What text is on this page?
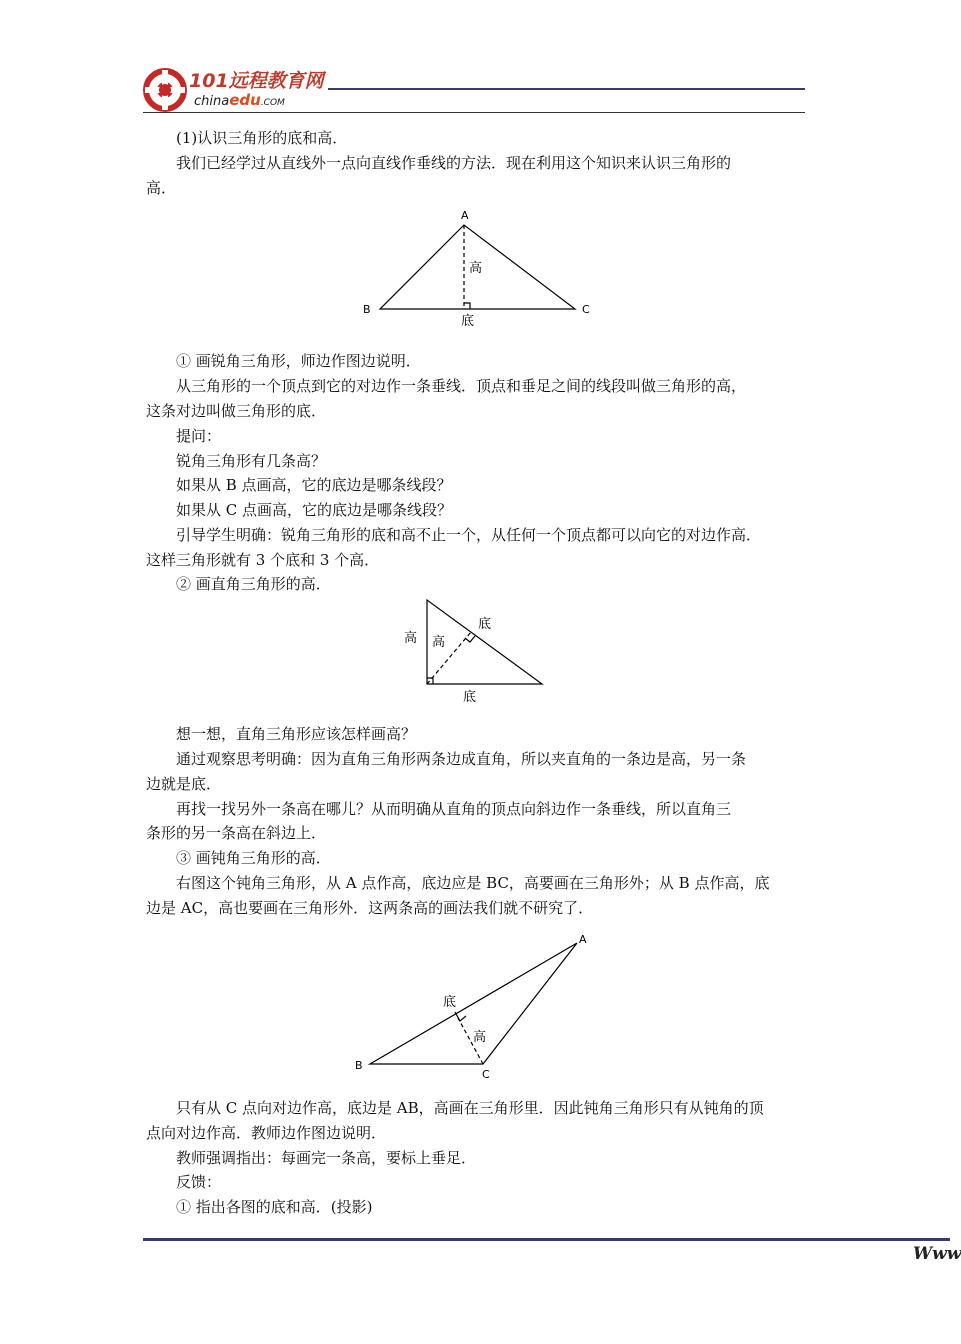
101远程教育网
chinaedu.COM
(1)认识三角形的底和高．
我们已经学过从直线外一点向直线作垂线的方法．现在利用这个知识来认识三角形的
高．
A
B	C
高
底
① 画锐角三角形，师边作图边说明．
从三角形的一个顶点到它的对边作一条垂线．顶点和垂足之间的线段叫做三角形的高，
这条对边叫做三角形的底．
提问：
锐角三角形有几条高？
如果从 B 点画高，它的底边是哪条线段？
如果从 C 点画高，它的底边是哪条线段？
引导学生明确：锐角三角形的底和高不止一个，从任何一个顶点都可以向它的对边作高．
这样三角形就有 3 个底和 3 个高．
② 画直角三角形的高．
高 高
底
底
想一想，直角三角形应该怎样画高？
通过观察思考明确：因为直角三角形两条边成直角，所以夹直角的一条边是高，另一条
边就是底．
再找一找另外一条高在哪儿？从而明确从直角的顶点向斜边作一条垂线，所以直角三
条形的另一条高在斜边上．
③ 画钝角三角形的高．
右图这个钝角三角形，从 A 点作高，底边应是 BC，高要画在三角形外；从 B 点作高，底
边是 AC，高也要画在三角形外．这两条高的画法我们就不研究了．
A
B
C
底
高
只有从 C 点向对边作高，底边是 AB，高画在三角形里．因此钝角三角形只有从钝角的顶
点向对边作高．教师边作图边说明．
教师强调指出：每画完一条高，要标上垂足．
反馈：
① 指出各图的底和高．(投影)
Www
